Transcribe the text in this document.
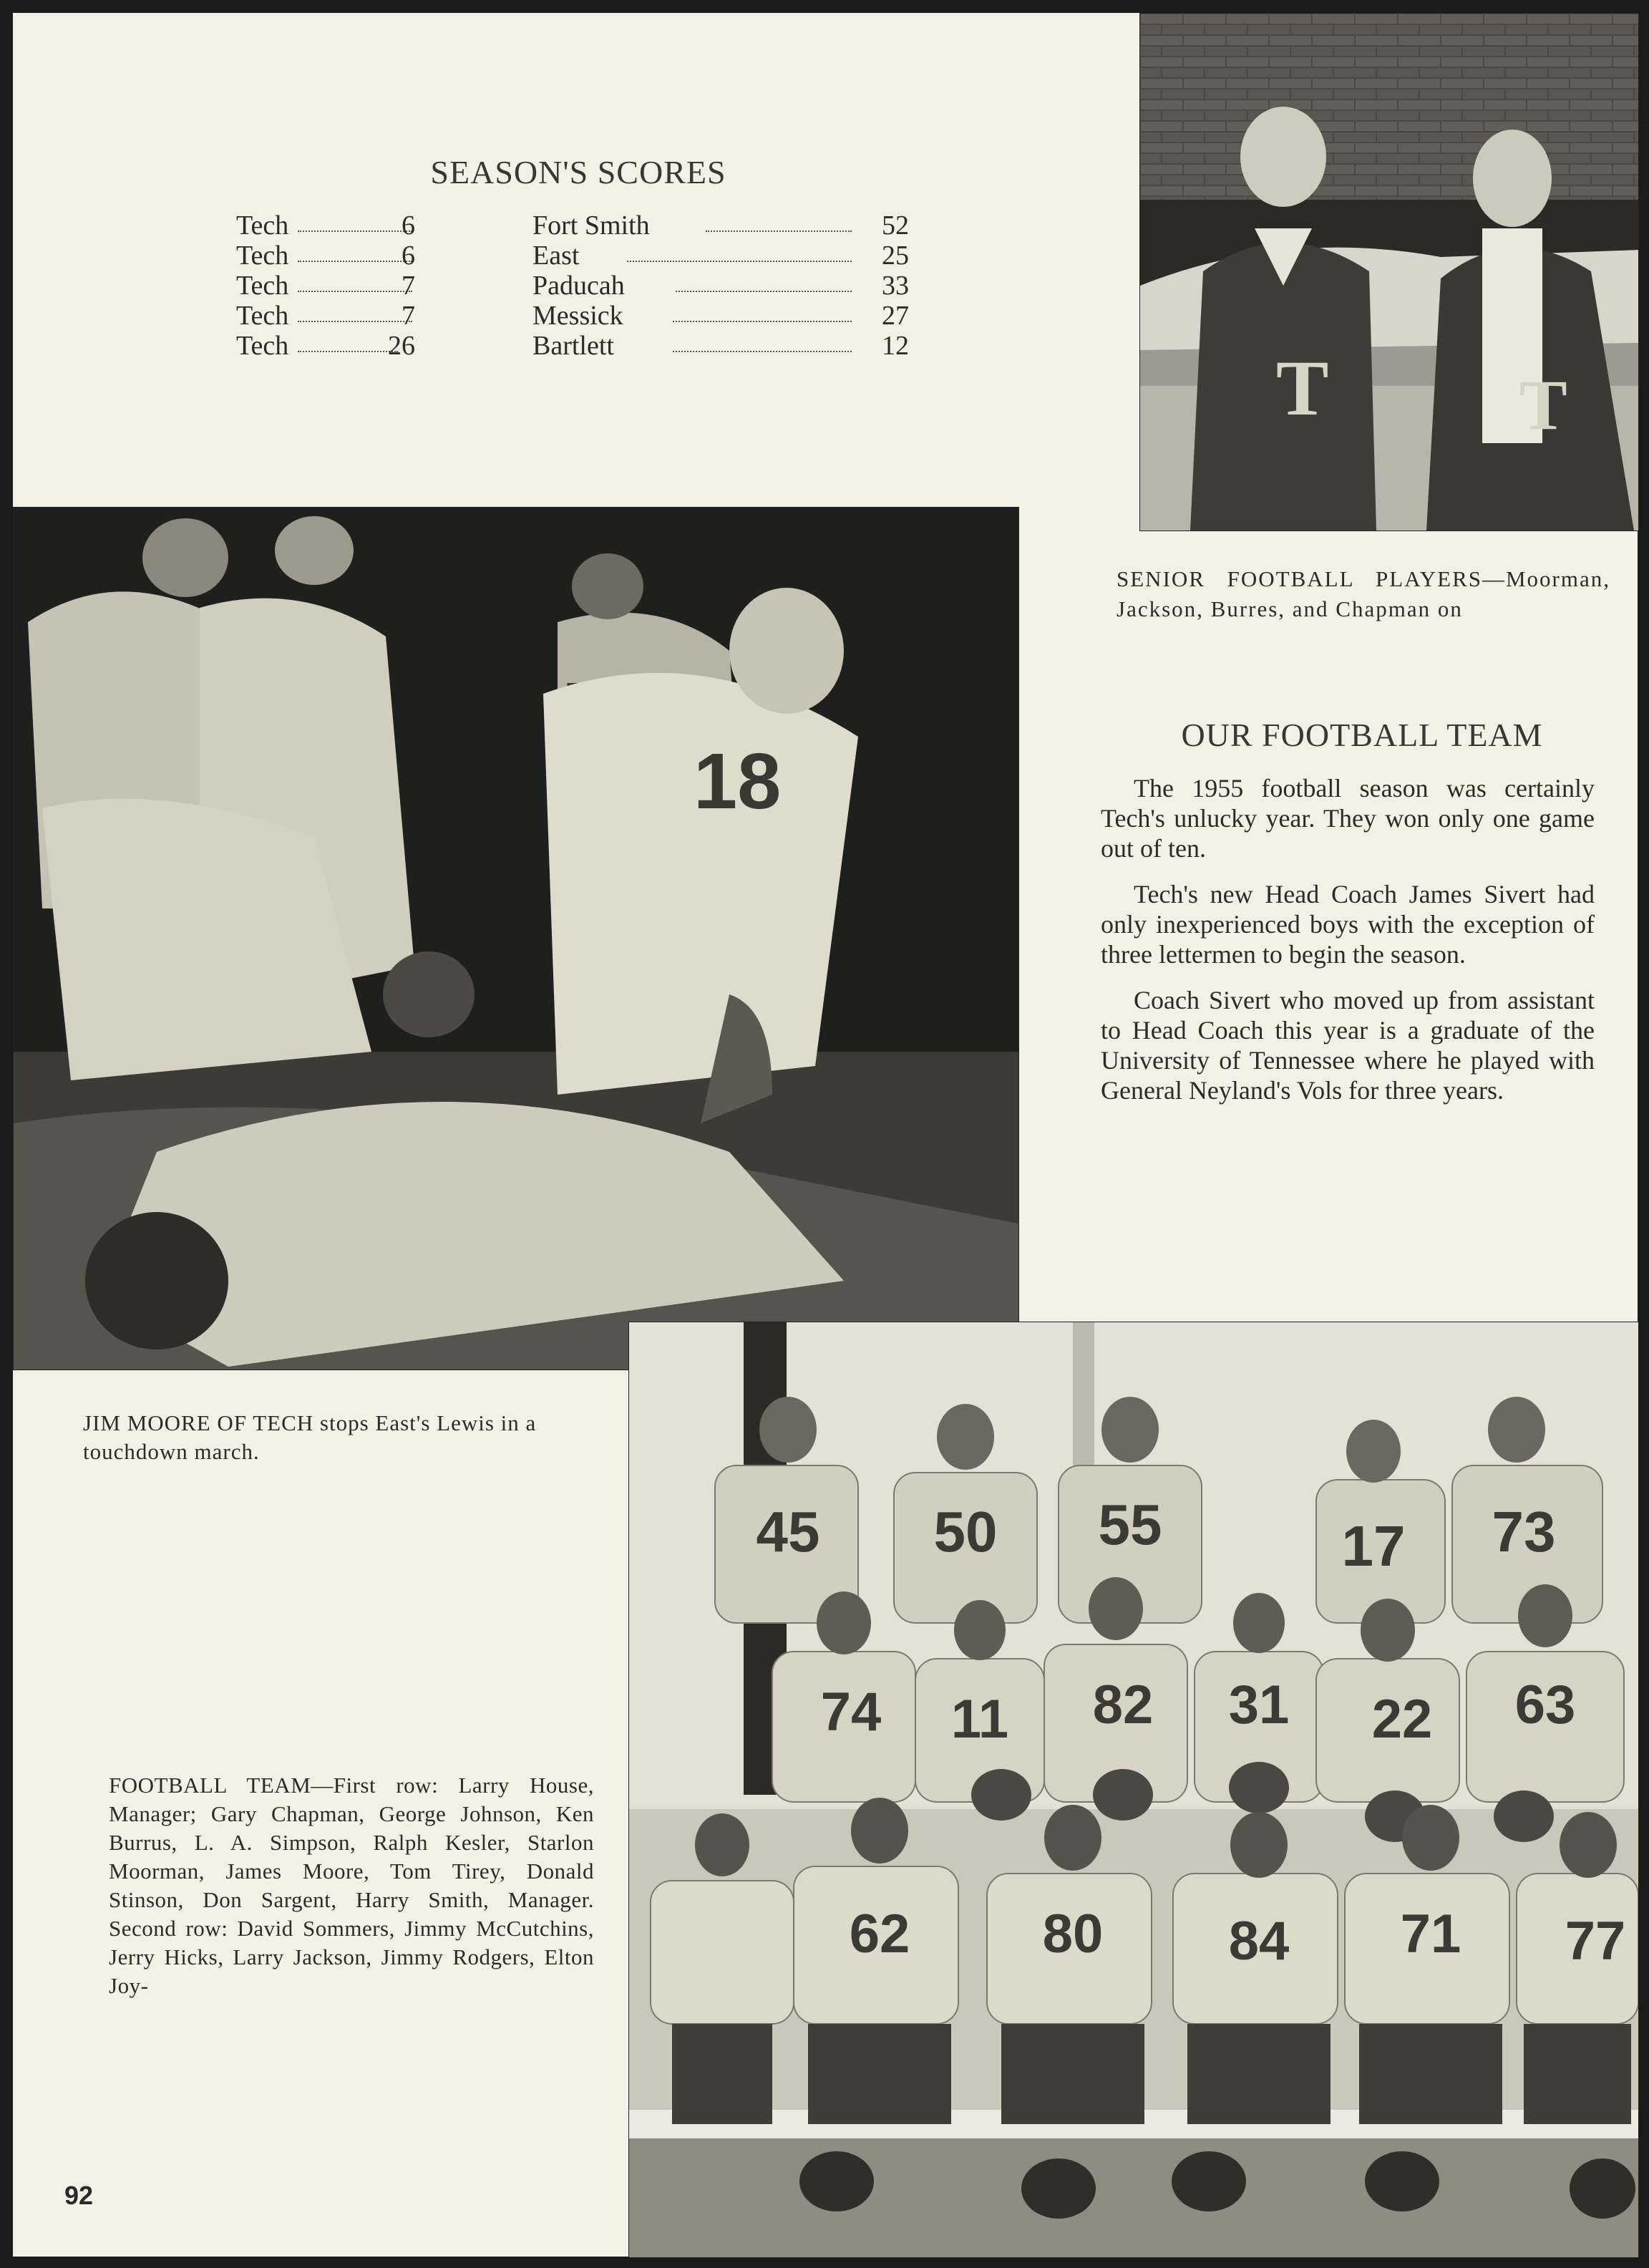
SEASON'S SCORES
Tech	6	Fort Smith	52
Tech	6	East	25
Tech	7	Paducah	33
Tech	7	Messick	27
Tech	26	Bartlett	12	T	T
SENIOR FOOTBALL PLAYERS—Moorman, Jackson, Burres, and Chapman on
18
OUR FOOTBALL TEAM

The 1955 football season was certainly Tech's unlucky year. They won only one game out of ten.

Tech's new Head Coach James Sivert had only inexperienced boys with the exception of three lettermen to begin the season.

Coach Sivert who moved up from assistant to Head Coach this year is a graduate of the University of Tennessee where he played with General Neyland's Vols for three years.

JIM MOORE OF TECH stops East's Lewis in a touchdown march.
45 50 55	17 73
74 11 82 31 22 63
62 80 84 71 77
FOOTBALL TEAM—First row: Larry House, Manager; Gary Chapman, George Johnson, Ken Burrus, L. A. Simpson, Ralph Kesler, Starlon Moorman, James Moore, Tom Tirey, Donald Stinson, Don Sargent, Harry Smith, Manager. Second row: David Sommers, Jimmy McCutchins, Jerry Hicks, Larry Jackson, Jimmy Rodgers, Elton Joy-
92
